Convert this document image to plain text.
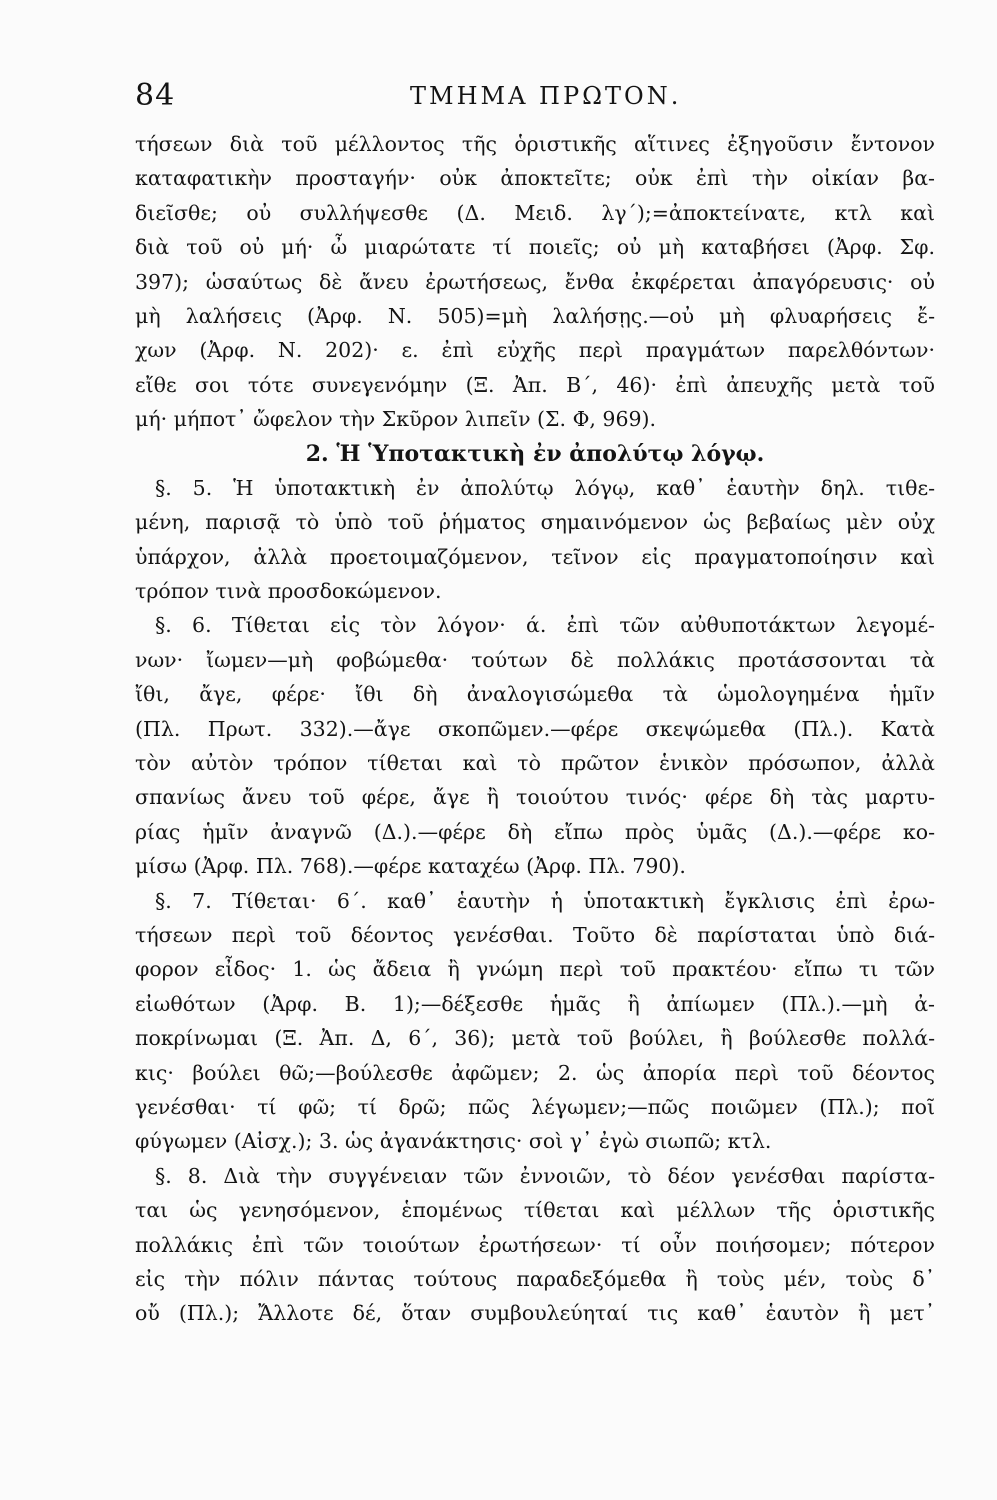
84	ΤΜΗΜΑ ΠΡΩΤΟΝ.
τήσεων διὰ τοῦ μέλλοντος τῆς ὁριστικῆς αἵτινες ἐξηγοῦσιν ἔντονον
καταφατικὴν προσταγήν· οὐκ ἀποκτεῖτε; οὐκ ἐπὶ τὴν οἰκίαν βα-
διεῖσθε; οὐ συλλήψεσθε (Δ. Μειδ. λγ΄);=ἀποκτείνατε, κτλ καὶ
διὰ τοῦ οὐ μή· ὦ μιαρώτατε τί ποιεῖς; οὐ μὴ καταβήσει (Ἀρφ. Σφ.
397); ὡσαύτως δὲ ἄνευ ἐρωτήσεως, ἔνθα ἐκφέρεται ἀπαγόρευσις· οὐ
μὴ λαλήσεις (Ἀρφ. Ν. 505)=μὴ λαλήσῃς.—οὐ μὴ φλυαρήσεις ἔ-
χων (Ἀρφ. Ν. 202)· ε. ἐπὶ εὐχῆς περὶ πραγμάτων παρελθόντων·
εἴθε σοι τότε συνεγενόμην (Ξ. Ἀπ. Β΄, 46)· ἐπὶ ἀπευχῆς μετὰ τοῦ
μή· μήποτ᾽ ὤφελον τὴν Σκῦρον λιπεῖν (Σ. Φ, 969).
2. Ἡ Ὑποτακτικὴ ἐν ἀπολύτῳ λόγῳ.
§. 5. Ἡ ὑποτακτικὴ ἐν ἀπολύτῳ λόγῳ, καθ᾽ ἑαυτὴν δηλ. τιθε-
μένη, παρισᾷ τὸ ὑπὸ τοῦ ῥήματος σημαινόμενον ὡς βεβαίως μὲν οὐχ
ὑπάρχον, ἀλλὰ προετοιμαζόμενον, τεῖνον εἰς πραγματοποίησιν καὶ
τρόπον τινὰ προσδοκώμενον.
§. 6. Τίθεται εἰς τὸν λόγον· ά. ἐπὶ τῶν αὐθυποτάκτων λεγομέ-
νων· ἴωμεν—μὴ φοβώμεθα· τούτων δὲ πολλάκις προτάσσονται τὰ
ἴθι, ἄγε, φέρε· ἴθι δὴ ἀναλογισώμεθα τὰ ὡμολογημένα ἡμῖν
(Πλ. Πρωτ. 332).—ἄγε σκοπῶμεν.—φέρε σκεψώμεθα (Πλ.). Κατὰ
τὸν αὐτὸν τρόπον τίθεται καὶ τὸ πρῶτον ἑνικὸν πρόσωπον, ἀλλὰ
σπανίως ἄνευ τοῦ φέρε, ἄγε ἢ τοιούτου τινός· φέρε δὴ τὰς μαρτυ-
ρίας ἡμῖν ἀναγνῶ (Δ.).—φέρε δὴ εἴπω πρὸς ὑμᾶς (Δ.).—φέρε κο-
μίσω (Ἀρφ. Πλ. 768).—φέρε καταχέω (Ἀρφ. Πλ. 790).
§. 7. Τίθεται· 6΄. καθ᾽ ἑαυτὴν ἡ ὑποτακτικὴ ἔγκλισις ἐπὶ ἐρω-
τήσεων περὶ τοῦ δέοντος γενέσθαι. Τοῦτο δὲ παρίσταται ὑπὸ διά-
φορον εἶδος· 1. ὡς ἄδεια ἢ γνώμη περὶ τοῦ πρακτέου· εἴπω τι τῶν
εἰωθότων (Ἀρφ. Β. 1);—δέξεσθε ἡμᾶς ἢ ἀπίωμεν (Πλ.).—μὴ ἀ-
ποκρίνωμαι (Ξ. Ἀπ. Δ, 6΄, 36); μετὰ τοῦ βούλει, ἢ βούλεσθε πολλά-
κις· βούλει θῶ;—βούλεσθε ἀφῶμεν; 2. ὡς ἀπορία περὶ τοῦ δέοντος
γενέσθαι· τί φῶ; τί δρῶ; πῶς λέγωμεν;—πῶς ποιῶμεν (Πλ.); ποῖ
φύγωμεν (Αἰσχ.); 3. ὡς ἀγανάκτησις· σοὶ γ᾽ ἐγὼ σιωπῶ; κτλ.
§. 8. Διὰ τὴν συγγένειαν τῶν ἐννοιῶν, τὸ δέον γενέσθαι παρίστα-
ται ὡς γενησόμενον, ἑπομένως τίθεται καὶ μέλλων τῆς ὁριστικῆς
πολλάκις ἐπὶ τῶν τοιούτων ἐρωτήσεων· τί οὖν ποιήσομεν; πότερον
εἰς τὴν πόλιν πάντας τούτους παραδεξόμεθα ἢ τοὺς μέν, τοὺς δ᾽
οὔ (Πλ.); Ἄλλοτε δέ, ὅταν συμβουλεύηταί τις καθ᾽ ἑαυτὸν ἢ μετ᾽
